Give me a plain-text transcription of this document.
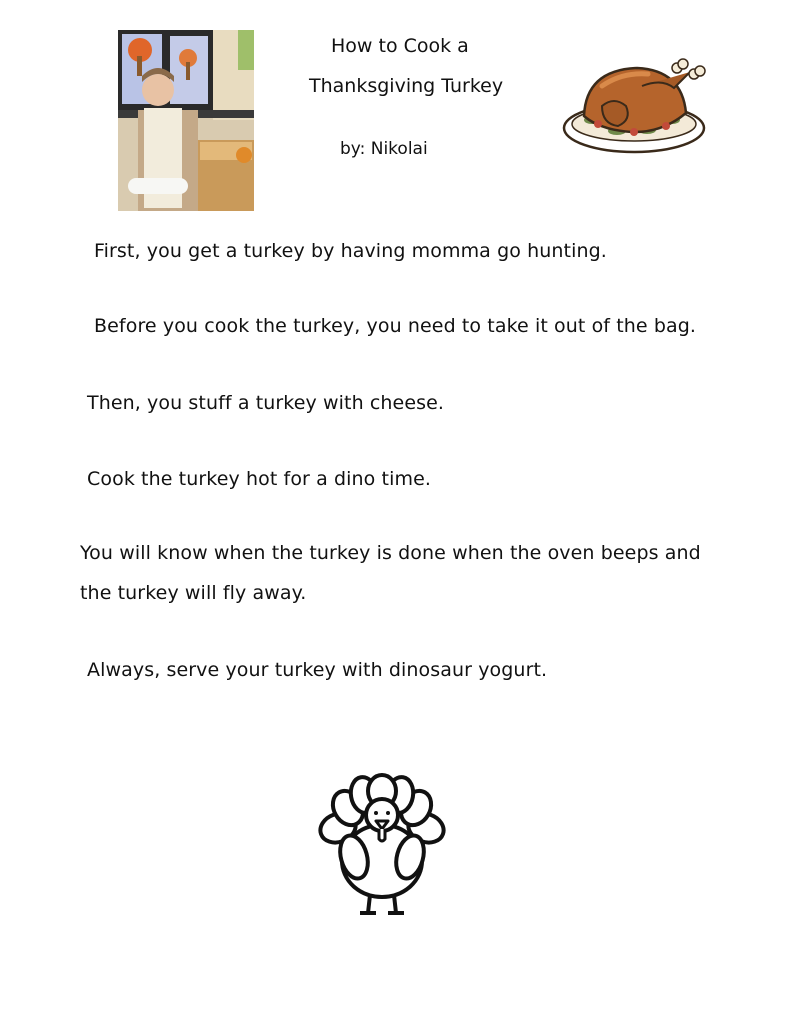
How to Cook a
Thanksgiving Turkey
by: Nikolai
First, you get a turkey by having momma go hunting.
Before you cook the turkey, you need to take it out of the bag.
Then, you stuff a turkey with cheese.
Cook the turkey hot for a dino time.
You will know when the turkey is done when the oven beeps and
the turkey will fly away.
Always, serve your turkey with dinosaur yogurt.
